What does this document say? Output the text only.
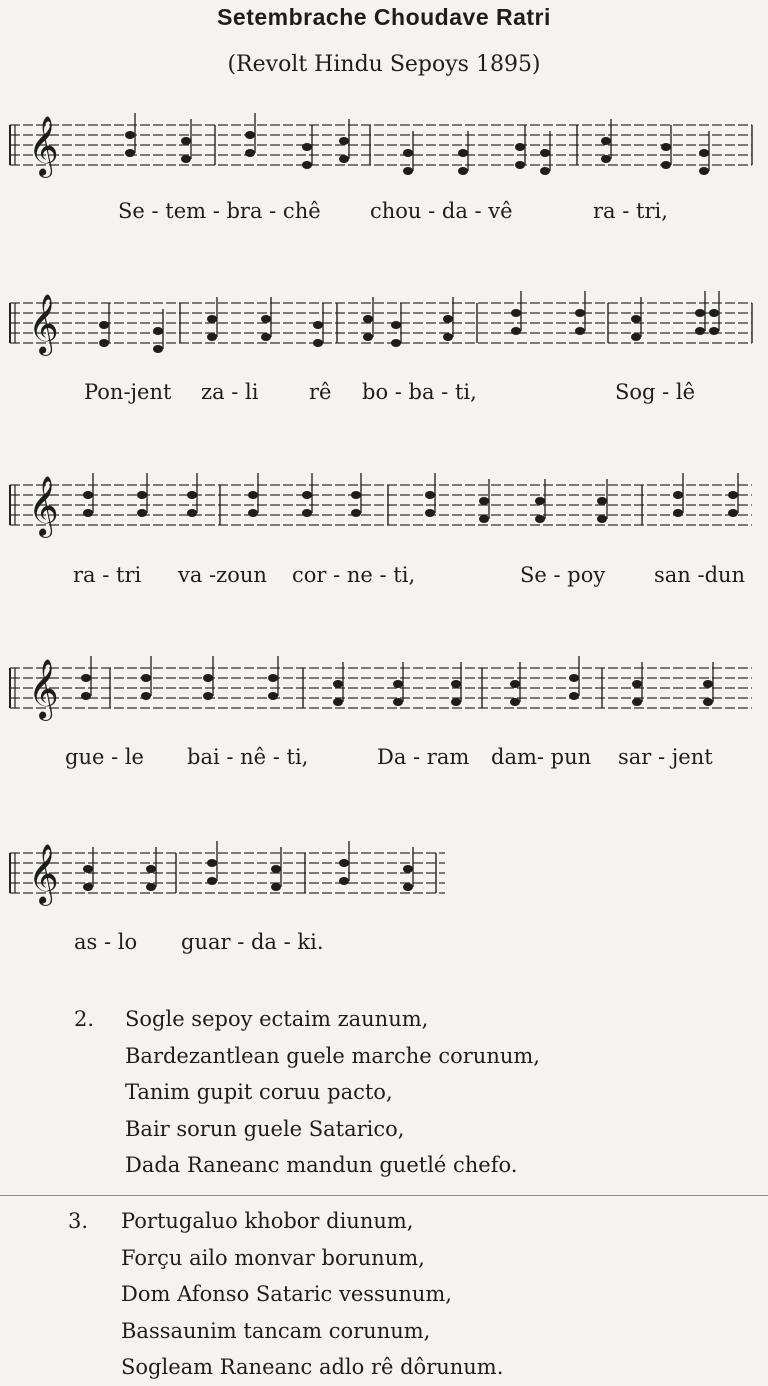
Setembrache Choudave Ratri
(Revolt Hindu Sepoys 1895)
𝄞
𝄞
𝄞
𝄞
𝄞
Se - tem - bra - chê chou - da - vê	ra - tri,
Pon-jent za - li rê bo - ba - ti,	Sog - lê
ra - tri va -zoun cor - ne - ti,	Se - poy san -dun
gue - le bai - nê - ti,	Da - ram dam- pun sar - jent
as - lo guar - da - ki.
2. Sogle sepoy ectaim zaunum,
Bardezantlean guele marche corunum,
Tanim gupit coruu pacto,
Bair sorun guele Satarico,
Dada Raneanc mandun guetlé chefo.
3. Portugaluo khobor diunum,
Forçu ailo monvar borunum,
Dom Afonso Sataric vessunum,
Bassaunim tancam corunum,
Sogleam Raneanc adlo rê dôrunum.
